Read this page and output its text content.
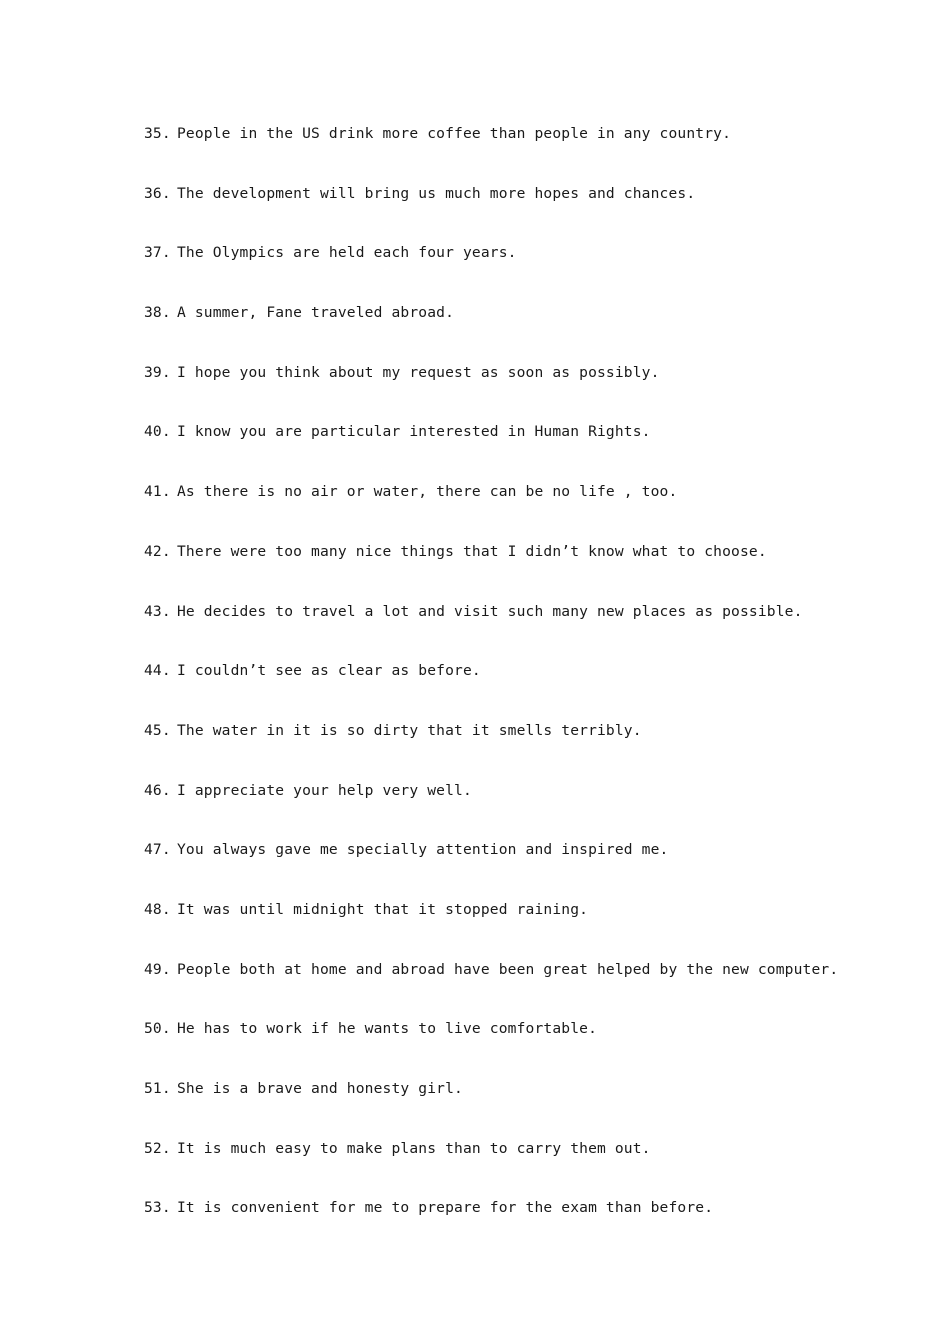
35. People in the US drink more coffee than people in any country.
36. The development will bring us much more hopes and chances.
37. The Olympics are held each four years.
38. A summer, Fane traveled abroad.
39. I hope you think about my request as soon as possibly.
40. I know you are particular interested in Human Rights.
41. As there is no air or water, there can be no life , too.
42. There were too many nice things that I didn’t know what to choose.
43. He decides to travel a lot and visit such many new places as possible.
44. I couldn’t see as clear as before.
45. The water in it is so dirty that it smells terribly.
46. I appreciate your help very well.
47. You always gave me specially attention and inspired me.
48. It was until midnight that it stopped raining.
49. People both at home and abroad have been great helped by the new computer.
50. He has to work if he wants to live comfortable.
51. She is a brave and honesty girl.
52. It is much easy to make plans than to carry them out.
53. It is convenient for me to prepare for the exam than before.
